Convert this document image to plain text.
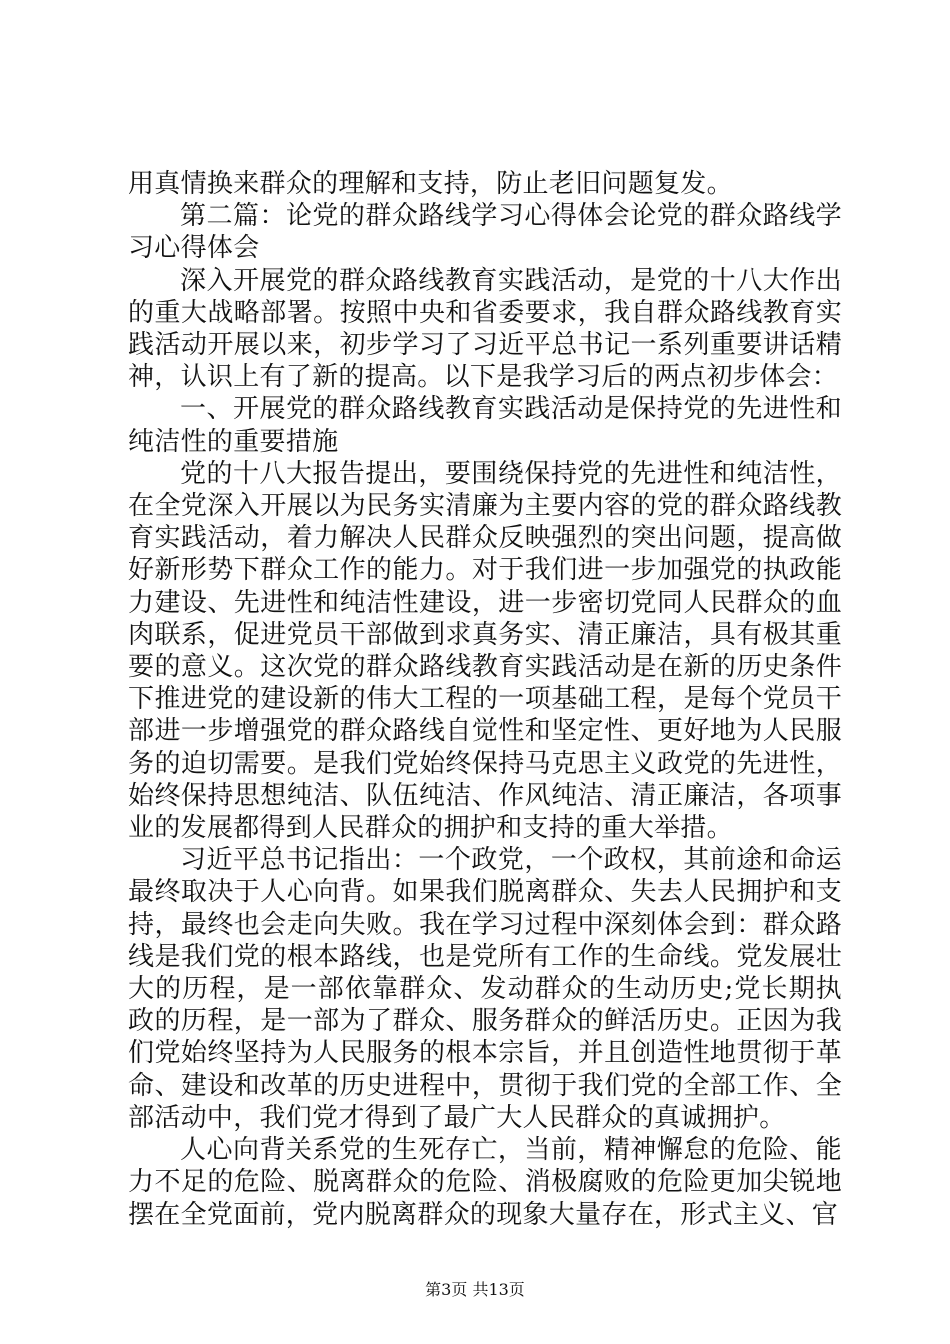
用真情换来群众的理解和支持，防止老旧问题复发。

第二篇：论党的群众路线学习心得体会论党的群众路线学习心得体会

深入开展党的群众路线教育实践活动，是党的十八大作出的重大战略部署。按照中央和省委要求，我自群众路线教育实践活动开展以来，初步学习了习近平总书记一系列重要讲话精神，认识上有了新的提高。以下是我学习后的两点初步体会：

一、开展党的群众路线教育实践活动是保持党的先进性和纯洁性的重要措施

党的十八大报告提出，要围绕保持党的先进性和纯洁性，在全党深入开展以为民务实清廉为主要内容的党的群众路线教育实践活动，着力解决人民群众反映强烈的突出问题，提高做好新形势下群众工作的能力。对于我们进一步加强党的执政能力建设、先进性和纯洁性建设，进一步密切党同人民群众的血肉联系，促进党员干部做到求真务实、清正廉洁，具有极其重要的意义。这次党的群众路线教育实践活动是在新的历史条件下推进党的建设新的伟大工程的一项基础工程，是每个党员干部进一步增强党的群众路线自觉性和坚定性、更好地为人民服务的迫切需要。是我们党始终保持马克思主义政党的先进性，始终保持思想纯洁、队伍纯洁、作风纯洁、清正廉洁，各项事业的发展都得到人民群众的拥护和支持的重大举措。

习近平总书记指出：一个政党，一个政权，其前途和命运最终取决于人心向背。如果我们脱离群众、失去人民拥护和支持，最终也会走向失败。我在学习过程中深刻体会到：群众路线是我们党的根本路线，也是党所有工作的生命线。党发展壮大的历程，是一部依靠群众、发动群众的生动历史;党长期执政的历程，是一部为了群众、服务群众的鲜活历史。正因为我们党始终坚持为人民服务的根本宗旨，并且创造性地贯彻于革命、建设和改革的历史进程中，贯彻于我们党的全部工作、全部活动中，我们党才得到了最广大人民群众的真诚拥护。

人心向背关系党的生死存亡，当前，精神懈怠的危险、能力不足的危险、脱离群众的危险、消极腐败的危险更加尖锐地摆在全党面前，党内脱离群众的现象大量存在，形式主义、官

第3页 共13页
